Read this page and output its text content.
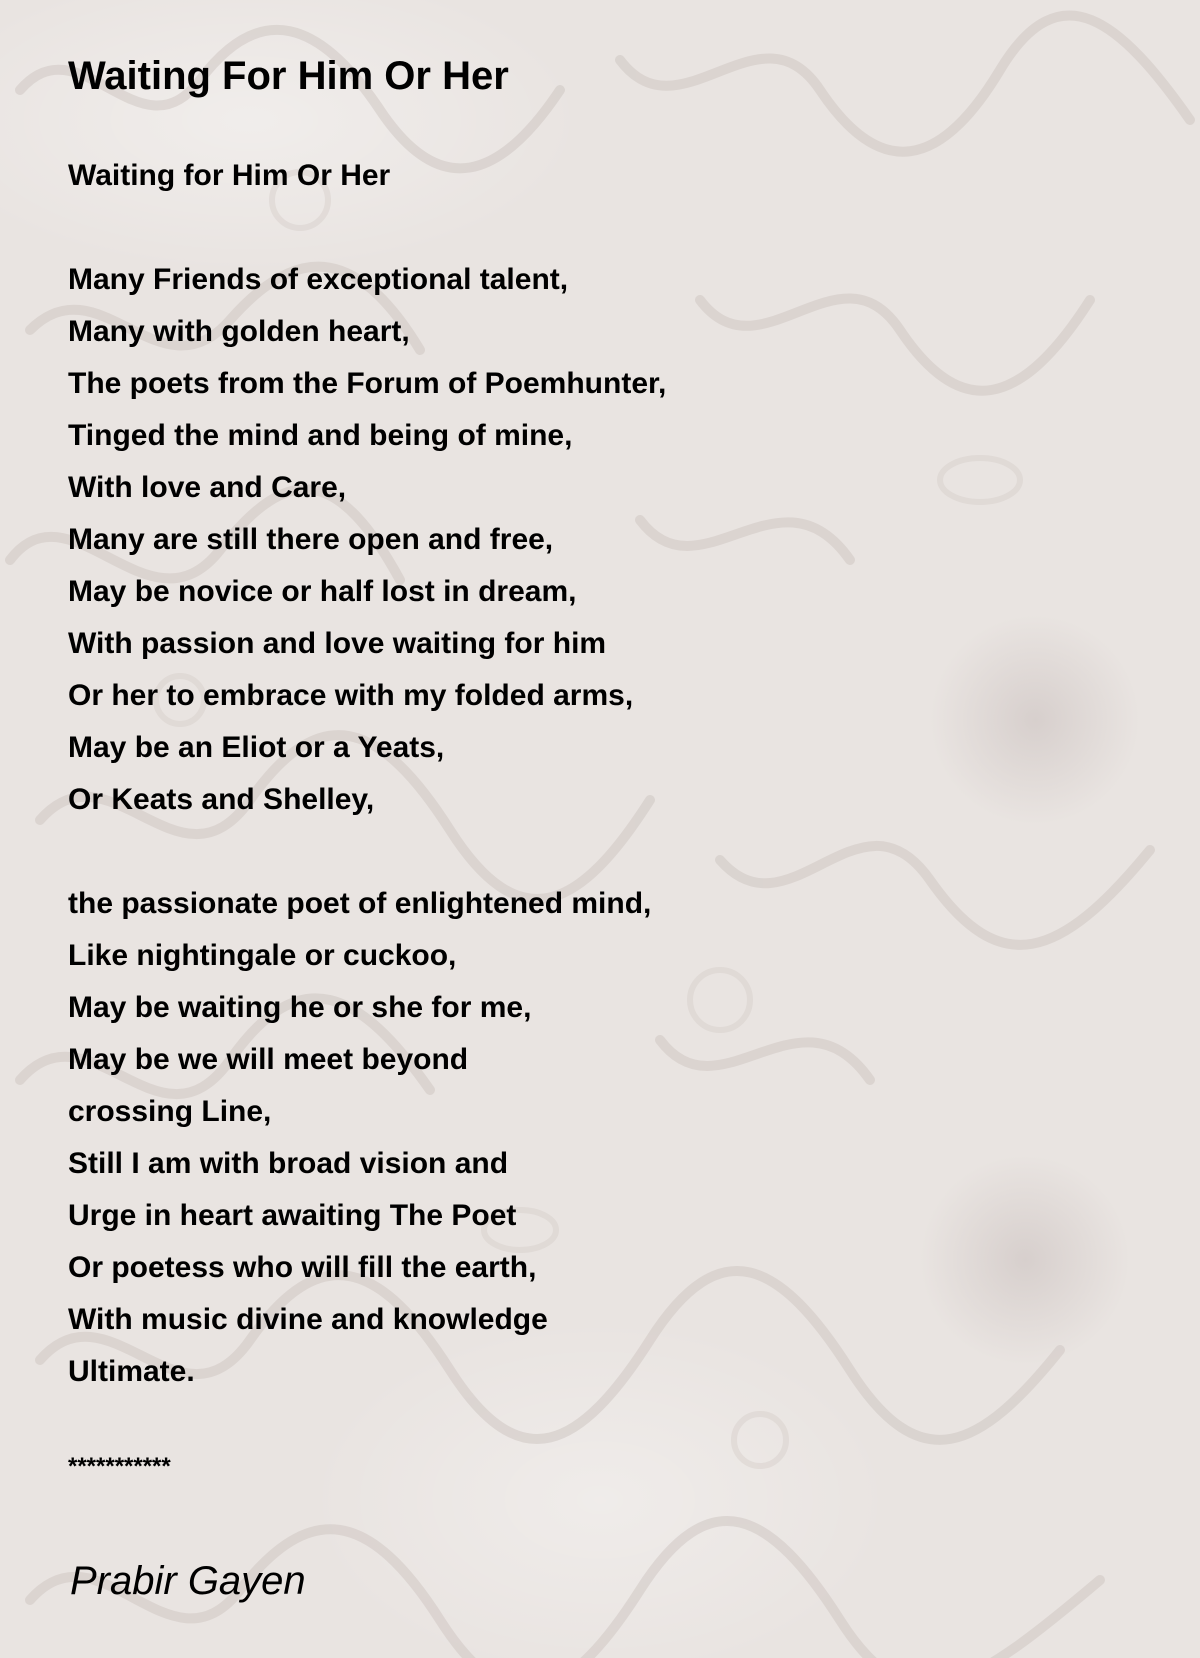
Waiting For Him Or Her
Waiting for Him Or Her
Many Friends of exceptional talent,
Many with golden heart,
The poets from the Forum of Poemhunter,
Tinged the mind and being of mine,
With love and Care,
Many are still there open and free,
May be novice or half lost in dream,
With passion and love waiting for him
Or her to embrace with my folded arms,
May be an Eliot or a Yeats,
Or Keats and Shelley,
the passionate poet of enlightened mind,
Like nightingale or cuckoo,
May be waiting he or she for me,
May be we will meet beyond
crossing Line,
Still I am with broad vision and
Urge in heart awaiting The Poet
Or poetess who will fill the earth,
With music divine and knowledge
Ultimate.
***********
Prabir Gayen
